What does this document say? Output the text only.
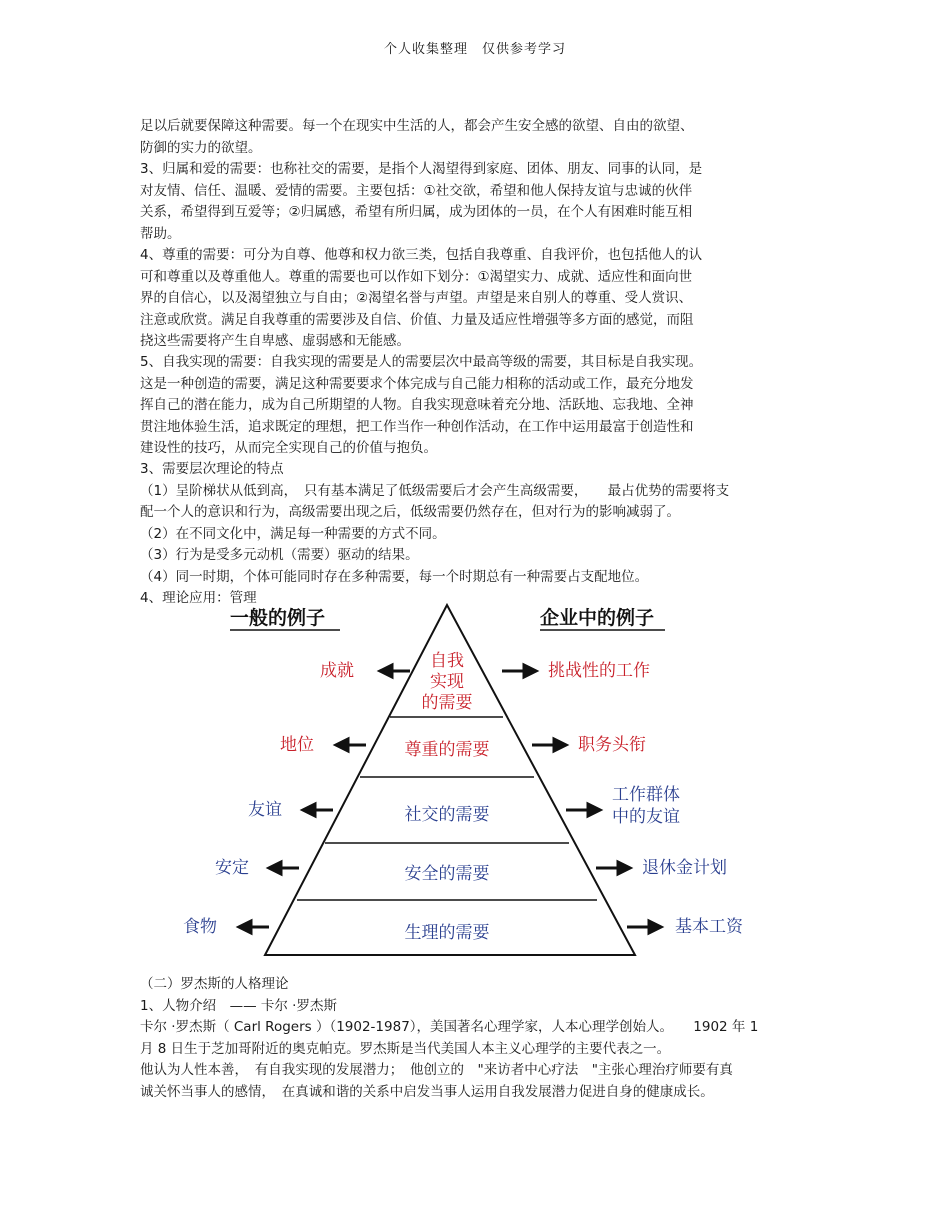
个人收集整理　仅供参考学习
足以后就要保障这种需要。每一个在现实中生活的人，都会产生安全感的欲望、自由的欲望、
防御的实力的欲望。
3、归属和爱的需要：也称社交的需要，是指个人渴望得到家庭、团体、朋友、同事的认同，是
对友情、信任、温暖、爱情的需要。主要包括：①社交欲，希望和他人保持友谊与忠诚的伙伴
关系，希望得到互爱等；②归属感，希望有所归属，成为团体的一员，在个人有困难时能互相
帮助。
4、尊重的需要：可分为自尊、他尊和权力欲三类，包括自我尊重、自我评价，也包括他人的认
可和尊重以及尊重他人。尊重的需要也可以作如下划分：①渴望实力、成就、适应性和面向世
界的自信心，以及渴望独立与自由；②渴望名誉与声望。声望是来自别人的尊重、受人赏识、
注意或欣赏。满足自我尊重的需要涉及自信、价值、力量及适应性增强等多方面的感觉，而阻
挠这些需要将产生自卑感、虚弱感和无能感。
5、自我实现的需要：自我实现的需要是人的需要层次中最高等级的需要，其目标是自我实现。
这是一种创造的需要，满足这种需要要求个体完成与自己能力相称的活动或工作，最充分地发
挥自己的潜在能力，成为自己所期望的人物。自我实现意味着充分地、活跃地、忘我地、全神
贯注地体验生活，追求既定的理想，把工作当作一种创作活动，在工作中运用最富于创造性和
建设性的技巧，从而完全实现自己的价值与抱负。
3、需要层次理论的特点
（1）呈阶梯状从低到高，　只有基本满足了低级需要后才会产生高级需要，　　最占优势的需要将支
配一个人的意识和行为，高级需要出现之后，低级需要仍然存在，但对行为的影响减弱了。
（2）在不同文化中，满足每一种需要的方式不同。
（3）行为是受多元动机（需要）驱动的结果。
（4）同一时期，个体可能同时存在多种需要，每一个时期总有一种需要占支配地位。
4、理论应用：管理
一般的例子	企业中的例子
自我
实现
的需要
成就	挑战性的工作
尊重的需要
地位	职务头衔
社交的需要
友谊
工作群体
中的友谊
安全的需要
安定	退休金计划
生理的需要
食物	基本工资
（二）罗杰斯的人格理论
1、人物介绍　—— 卡尔 ·罗杰斯
卡尔 ·罗杰斯（ Carl Rogers ）（1902-1987），美国著名心理学家，人本心理学创始人。　　1902 年 1
月 8 日生于芝加哥附近的奥克帕克。罗杰斯是当代美国人本主义心理学的主要代表之一。
他认为人性本善，　有自我实现的发展潜力；　他创立的　"来访者中心疗法　"主张心理治疗师要有真
诚关怀当事人的感情，　在真诚和谐的关系中启发当事人运用自我发展潜力促进自身的健康成长。
